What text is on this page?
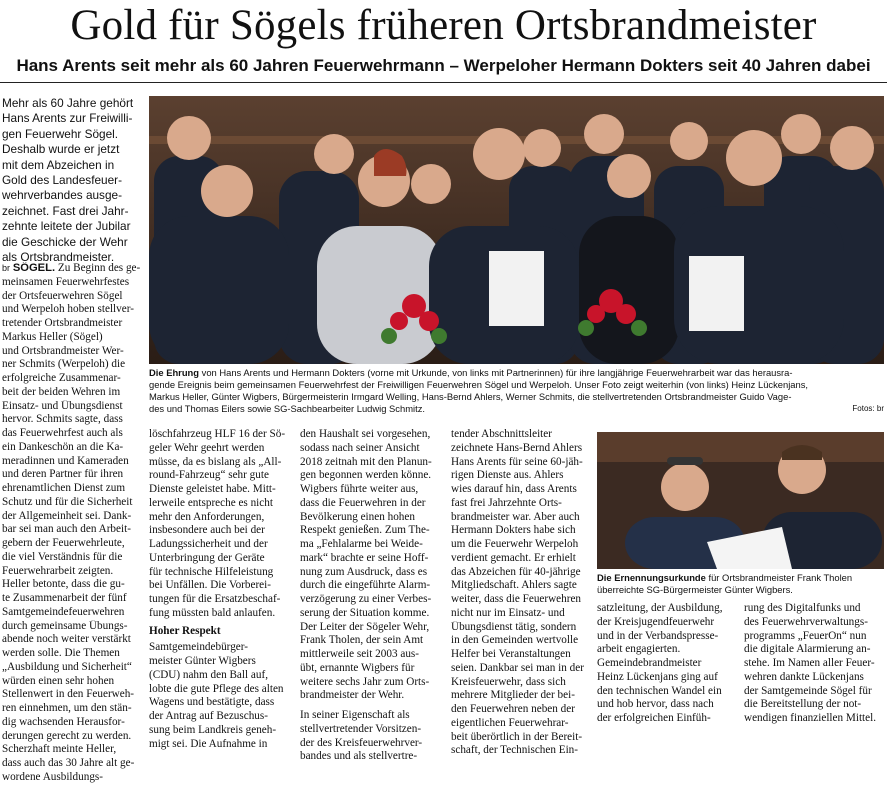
Gold für Sögels früheren Ortsbrandmeister
Hans Arents seit mehr als 60 Jahren Feuerwehrmann – Werpeloher Hermann Dokters seit 40 Jahren dabei
Mehr als 60 Jahre gehört
Hans Arents zur Freiwilli-
gen Feuerwehr Sögel.
Deshalb wurde er jetzt
mit dem Abzeichen in
Gold des Landesfeuer-
wehrverbandes ausge-
zeichnet. Fast drei Jahr-
zehnte leitete der Jubilar
die Geschicke der Wehr
als Ortsbrandmeister.
Die Ehrung von Hans Arents und Hermann Dokters (vorne mit Urkunde, von links mit Partnerinnen) für ihre langjährige Feuerwehrarbeit war das herausra-
gende Ereignis beim gemeinsamen Feuerwehrfest der Freiwilligen Feuerwehren Sögel und Werpeloh. Unser Foto zeigt weiterhin (von links) Heinz Lückenjans,
Markus Heller, Günter Wigbers, Bürgermeisterin Irmgard Welling, Hans-Bernd Ahlers, Werner Schmits, die stellvertretenden Ortsbrandmeister Guido Vage-
des und Thomas Eilers sowie SG-Sachbearbeiter Ludwig Schmitz.	Fotos: br
br SÖGEL. Zu Beginn des ge-
meinsamen Feuerwehrfestes
der Ortsfeuerwehren Sögel
und Werpeloh hoben stellver-
tretender Ortsbrandmeister
Markus Heller (Sögel)
und Ortsbrandmeister Wer-
ner Schmits (Werpeloh) die
erfolgreiche Zusammenar-
beit der beiden Wehren im
Einsatz- und Übungsdienst
hervor. Schmits sagte, dass
das Feuerwehrfest auch als
ein Dankeschön an die Ka-
meradinnen und Kameraden
und deren Partner für ihren
ehrenamtlichen Dienst zum
Schutz und für die Sicherheit
der Allgemeinheit sei. Dank-
bar sei man auch den Arbeit-
gebern der Feuerwehrleute,
die viel Verständnis für die
Feuerwehrarbeit zeigten.
Heller betonte, dass die gu-
te Zusammenarbeit der fünf
Samtgemeindefeuerwehren
durch gemeinsame Übungs-
abende noch weiter verstärkt
werden solle. Die Themen
„Ausbildung und Sicherheit“
würden einen sehr hohen
Stellenwert in den Feuerweh-
ren einnehmen, um den stän-
dig wachsenden Herausfor-
derungen gerecht zu werden.
Scherzhaft meinte Heller,
dass auch das 30 Jahre alt ge-
wordene Ausbildungs-
löschfahrzeug HLF 16 der Sö-
geler Wehr geehrt werden
müsse, da es bislang als „All-
round-Fahrzeug“ sehr gute
Dienste geleistet habe. Mitt-
lerweile entspreche es nicht
mehr den Anforderungen,
insbesondere auch bei der
Ladungssicherheit und der
Unterbringung der Geräte
für technische Hilfeleistung
bei Unfällen. Die Vorberei-
tungen für die Ersatzbeschaf-
fung müssten bald anlaufen.
Hoher Respekt
Samtgemeindebürger-
meister Günter Wigbers
(CDU) nahm den Ball auf,
lobte die gute Pflege des alten
Wagens und bestätigte, dass
der Antrag auf Bezuschus-
sung beim Landkreis geneh-
migt sei. Die Aufnahme in
den Haushalt sei vorgesehen,
sodass nach seiner Ansicht
2018 zeitnah mit den Planun-
gen begonnen werden könne.
Wigbers führte weiter aus,
dass die Feuerwehren in der
Bevölkerung einen hohen
Respekt genießen. Zum The-
ma „Fehlalarme bei Weide-
mark“ brachte er seine Hoff-
nung zum Ausdruck, dass es
durch die eingeführte Alarm-
verzögerung zu einer Verbes-
serung der Situation komme.
Der Leiter der Sögeler Wehr,
Frank Tholen, der sein Amt
mittlerweile seit 2003 aus-
übt, ernannte Wigbers für
weitere sechs Jahr zum Orts-
brandmeister der Wehr.
In seiner Eigenschaft als
stellvertretender Vorsitzen-
der des Kreisfeuerwehrver-
bandes und als stellvertre-
tender Abschnittsleiter
zeichnete Hans-Bernd Ahlers
Hans Arents für seine 60-jäh-
rigen Dienste aus. Ahlers
wies darauf hin, dass Arents
fast frei Jahrzehnte Orts-
brandmeister war. Aber auch
Hermann Dokters habe sich
um die Feuerwehr Werpeloh
verdient gemacht. Er erhielt
das Abzeichen für 40-jährige
Mitgliedschaft. Ahlers sagte
weiter, dass die Feuerwehren
nicht nur im Einsatz- und
Übungsdienst tätig, sondern
in den Gemeinden wertvolle
Helfer bei Veranstaltungen
seien. Dankbar sei man in der
Kreisfeuerwehr, dass sich
mehrere Mitglieder der bei-
den Feuerwehren neben der
eigentlichen Feuerwehrar-
beit überörtlich in der Bereit-
schaft, der Technischen Ein-
Die Ernennungsurkunde für Ortsbrandmeister Frank Tholen
überreichte SG-Bürgermeister Günter Wigbers.
satzleitung, der Ausbildung,
der Kreisjugendfeuerwehr
und in der Verbandspresse-
arbeit engagierten.
Gemeindebrandmeister
Heinz Lückenjans ging auf
den technischen Wandel ein
und hob hervor, dass nach
der erfolgreichen Einfüh-
rung des Digitalfunks und
des Feuerwehrverwaltungs-
programms „FeuerOn“ nun
die digitale Alarmierung an-
stehe. Im Namen aller Feuer-
wehren dankte Lückenjans
der Samtgemeinde Sögel für
die Bereitstellung der not-
wendigen finanziellen Mittel.
